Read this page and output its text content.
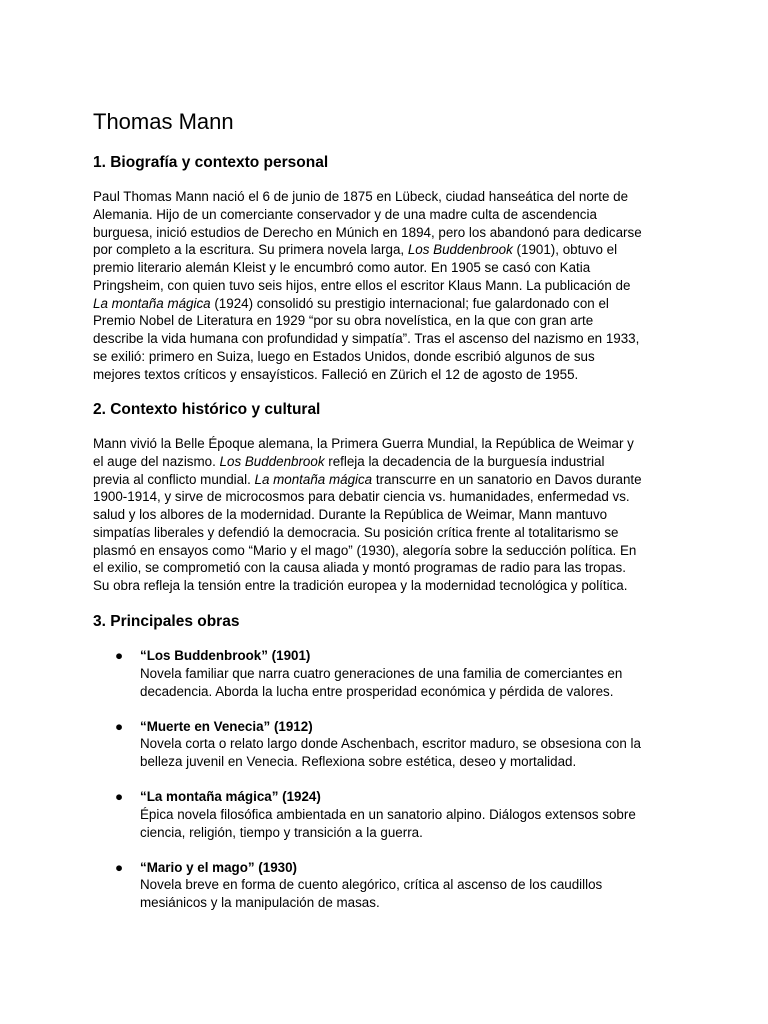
Thomas Mann
1. Biografía y contexto personal

Paul Thomas Mann nació el 6 de junio de 1875 en Lübeck, ciudad hanseática del norte de
Alemania. Hijo de un comerciante conservador y de una madre culta de ascendencia
burguesa, inició estudios de Derecho en Múnich en 1894, pero los abandonó para dedicarse
por completo a la escritura. Su primera novela larga, Los Buddenbrook (1901), obtuvo el
premio literario alemán Kleist y le encumbró como autor. En 1905 se casó con Katia
Pringsheim, con quien tuvo seis hijos, entre ellos el escritor Klaus Mann. La publicación de
La montaña mágica (1924) consolidó su prestigio internacional; fue galardonado con el
Premio Nobel de Literatura en 1929 “por su obra novelística, en la que con gran arte
describe la vida humana con profundidad y simpatía”. Tras el ascenso del nazismo en 1933,
se exilió: primero en Suiza, luego en Estados Unidos, donde escribió algunos de sus
mejores textos críticos y ensayísticos. Falleció en Zürich el 12 de agosto de 1955.

2. Contexto histórico y cultural

Mann vivió la Belle Époque alemana, la Primera Guerra Mundial, la República de Weimar y
el auge del nazismo. Los Buddenbrook refleja la decadencia de la burguesía industrial
previa al conflicto mundial. La montaña mágica transcurre en un sanatorio en Davos durante
1900-1914, y sirve de microcosmos para debatir ciencia vs. humanidades, enfermedad vs.
salud y los albores de la modernidad. Durante la República de Weimar, Mann mantuvo
simpatías liberales y defendió la democracia. Su posición crítica frente al totalitarismo se
plasmó en ensayos como “Mario y el mago” (1930), alegoría sobre la seducción política. En
el exilio, se comprometió con la causa aliada y montó programas de radio para las tropas.
Su obra refleja la tensión entre la tradición europea y la modernidad tecnológica y política.

3. Principales obras
● “Los Buddenbrook” (1901)
Novela familiar que narra cuatro generaciones de una familia de comerciantes en
decadencia. Aborda la lucha entre prosperidad económica y pérdida de valores.
● “Muerte en Venecia” (1912)
Novela corta o relato largo donde Aschenbach, escritor maduro, se obsesiona con la
belleza juvenil en Venecia. Reflexiona sobre estética, deseo y mortalidad.
● “La montaña mágica” (1924)
Épica novela filosófica ambientada en un sanatorio alpino. Diálogos extensos sobre
ciencia, religión, tiempo y transición a la guerra.
● “Mario y el mago” (1930)
Novela breve en forma de cuento alegórico, crítica al ascenso de los caudillos
mesiánicos y la manipulación de masas.
